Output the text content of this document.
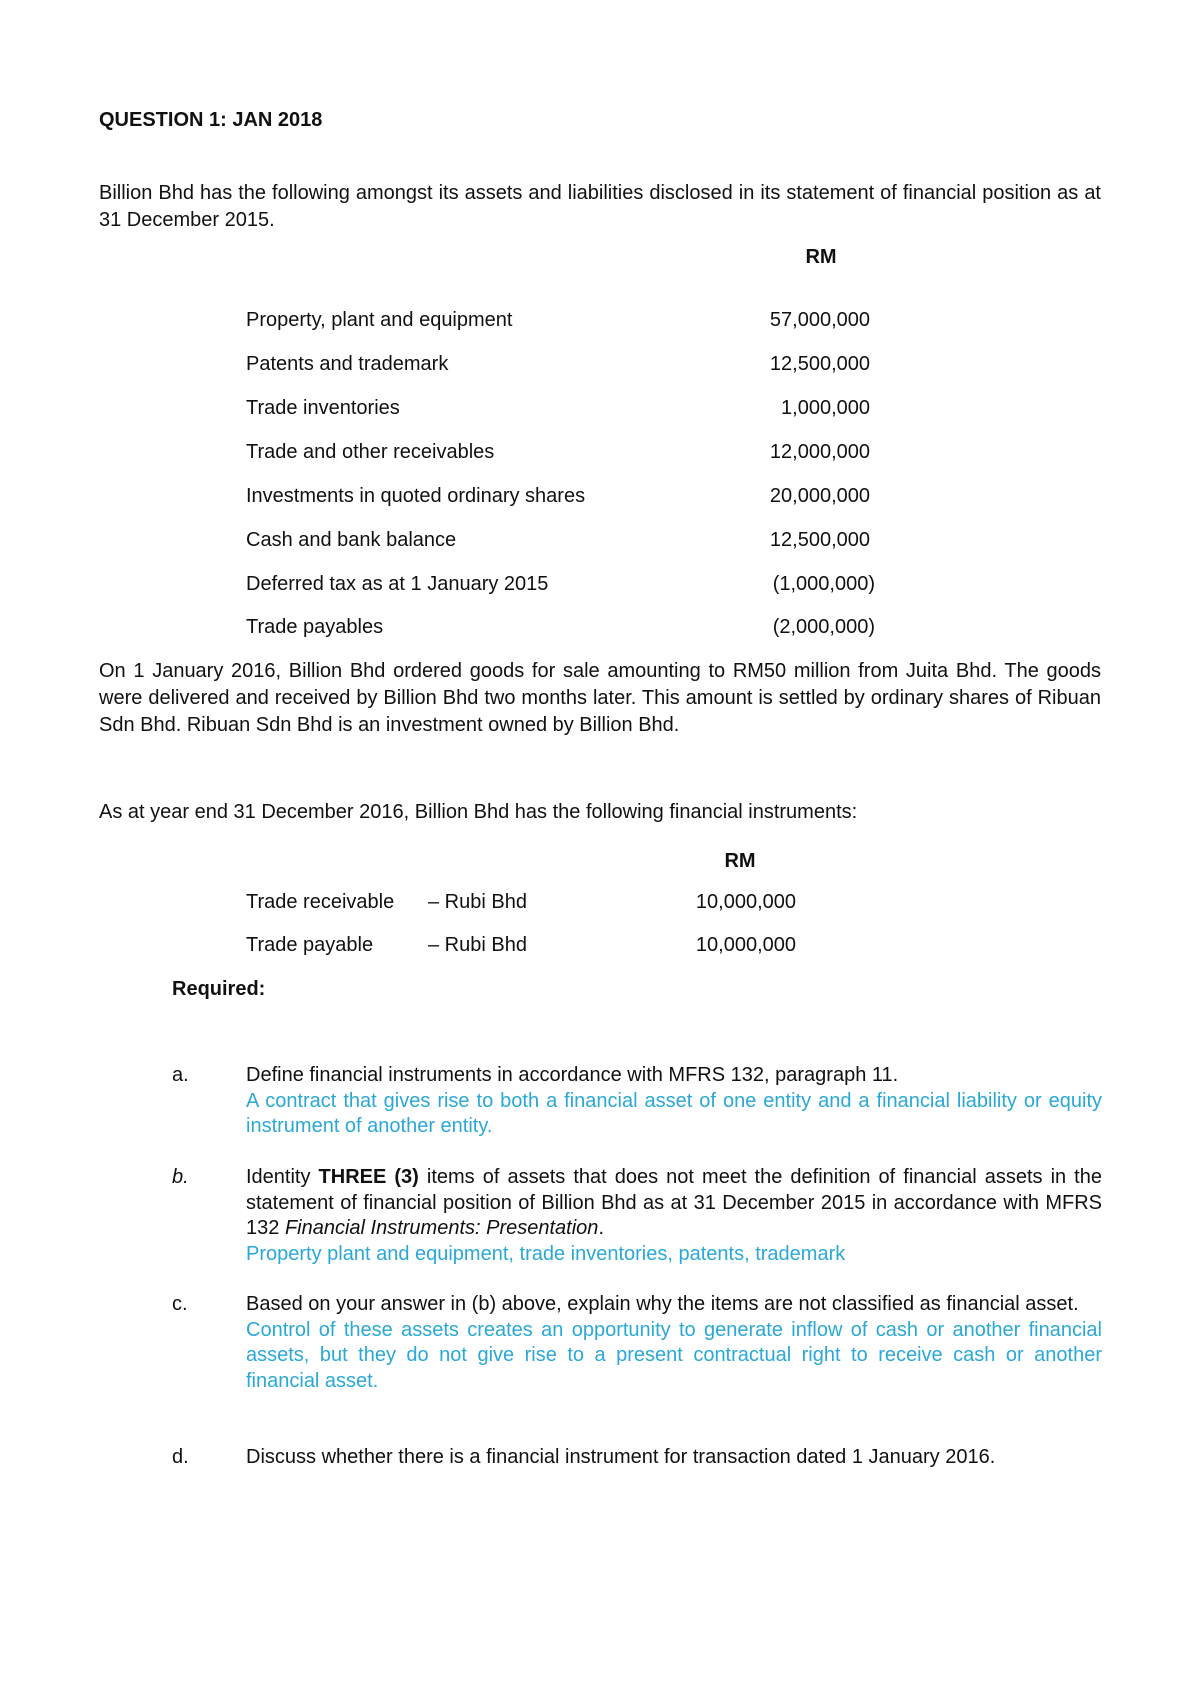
QUESTION 1: JAN 2018
Billion Bhd has the following amongst its assets and liabilities disclosed in its statement of financial position as at 31 December 2015.
RM
Property, plant and equipment	57,000,000
Patents and trademark	12,500,000
Trade inventories	1,000,000
Trade and other receivables	12,000,000
Investments in quoted ordinary shares	20,000,000
Cash and bank balance	12,500,000
Deferred tax as at 1 January 2015	(1,000,000)
Trade payables	(2,000,000)
On 1 January 2016, Billion Bhd ordered goods for sale amounting to RM50 million from Juita Bhd. The goods were delivered and received by Billion Bhd two months later. This amount is settled by ordinary shares of Ribuan Sdn Bhd. Ribuan Sdn Bhd is an investment owned by Billion Bhd.
As at year end 31 December 2016, Billion Bhd has the following financial instruments:
RM
Trade receivable – Rubi Bhd	10,000,000
Trade payable	– Rubi Bhd	10,000,000
Required:
a.	Define financial instruments in accordance with MFRS 132, paragraph 11.
A contract that gives rise to both a financial asset of one entity and a financial liability or equity instrument of another entity.
b.	Identity THREE (3) items of assets that does not meet the definition of financial assets in the statement of financial position of Billion Bhd as at 31 December 2015 in accordance with MFRS 132 Financial Instruments: Presentation.
Property plant and equipment, trade inventories, patents, trademark
c.	Based on your answer in (b) above, explain why the items are not classified as financial asset.
Control of these assets creates an opportunity to generate inflow of cash or another financial assets, but they do not give rise to a present contractual right to receive cash or another financial asset.
d.	Discuss whether there is a financial instrument for transaction dated 1 January 2016.
